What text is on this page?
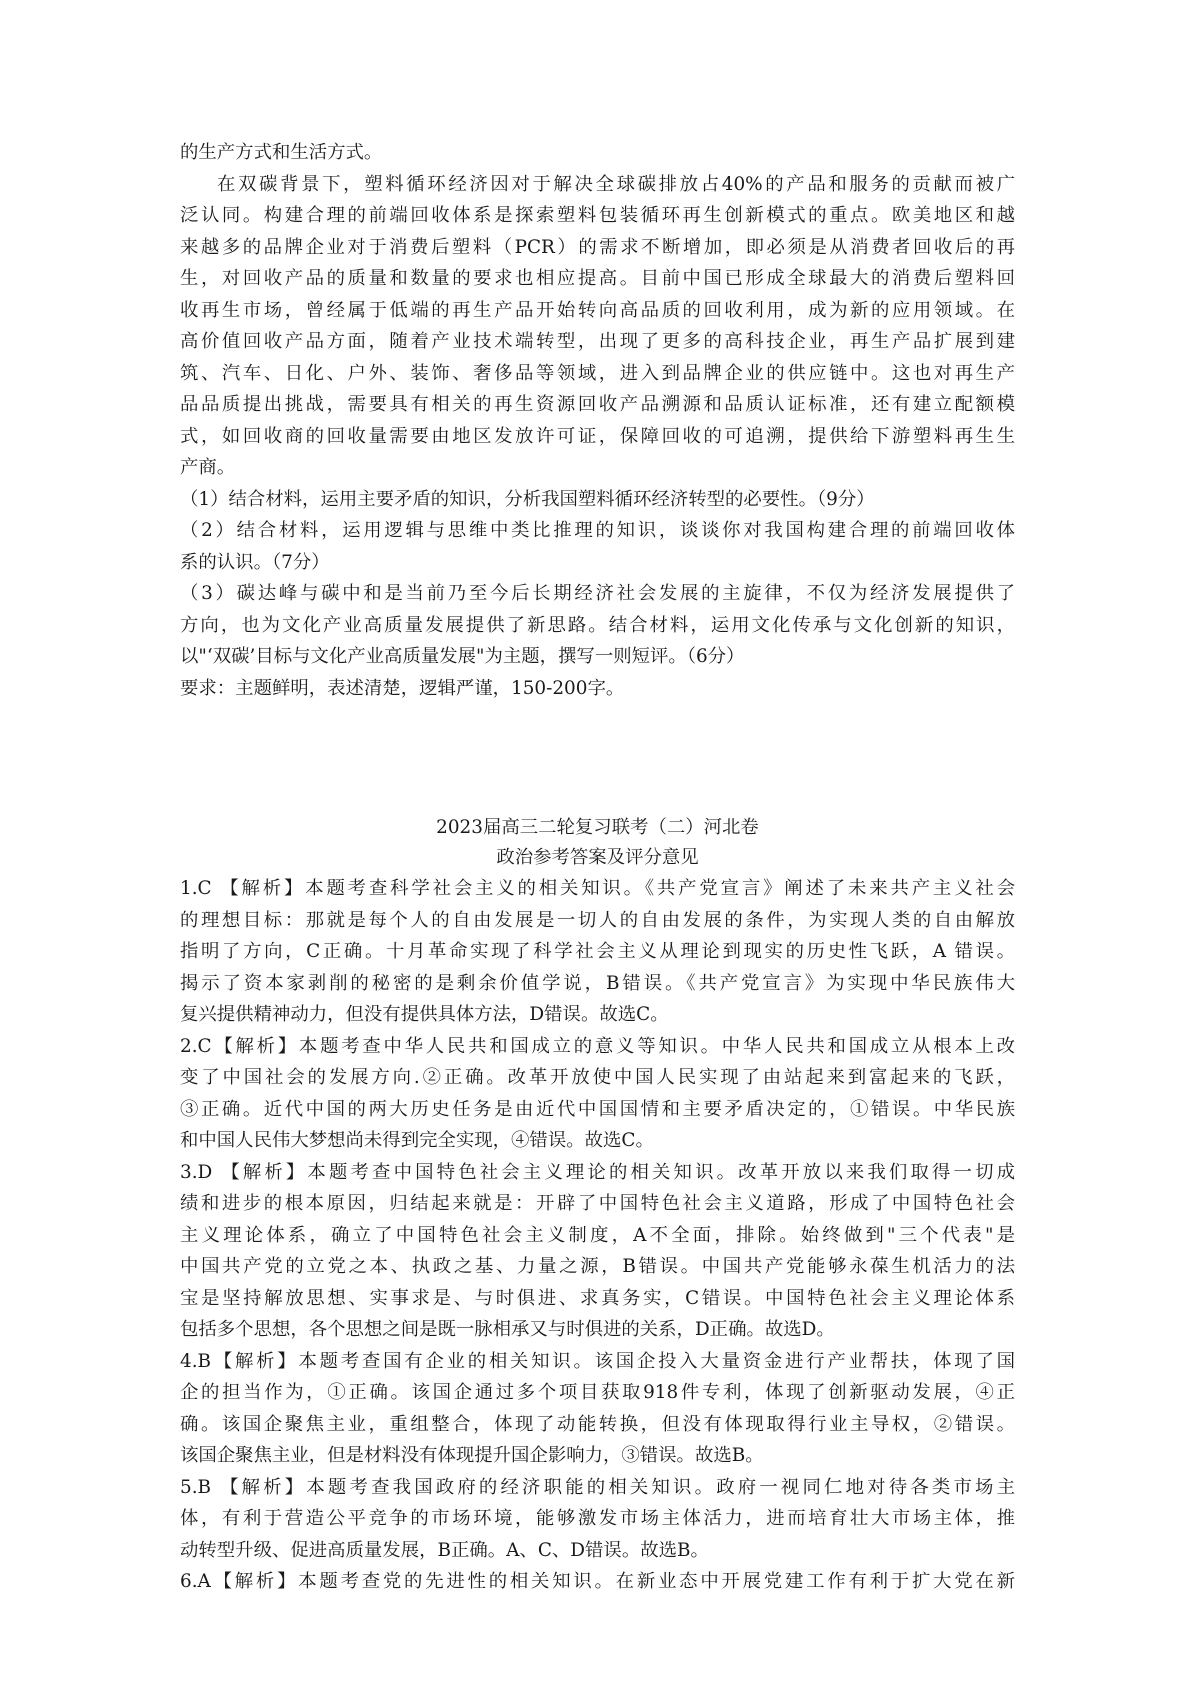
的生产方式和生活方式。

在双碳背景下，塑料循环经济因对于解决全球碳排放占40%的产品和服务的贡献而被广

泛认同。构建合理的前端回收体系是探索塑料包装循环再生创新模式的重点。欧美地区和越

来越多的品牌企业对于消费后塑料（PCR）的需求不断增加，即必须是从消费者回收后的再

生，对回收产品的质量和数量的要求也相应提高。目前中国已形成全球最大的消费后塑料回

收再生市场，曾经属于低端的再生产品开始转向高品质的回收利用，成为新的应用领域。在

高价值回收产品方面，随着产业技术端转型，出现了更多的高科技企业，再生产品扩展到建

筑、汽车、日化、户外、装饰、奢侈品等领域，进入到品牌企业的供应链中。这也对再生产

品品质提出挑战，需要具有相关的再生资源回收产品溯源和品质认证标准，还有建立配额模

式，如回收商的回收量需要由地区发放许可证，保障回收的可追溯，提供给下游塑料再生生

产商。

（1）结合材料，运用主要矛盾的知识，分析我国塑料循环经济转型的必要性。（9分）

（2）结合材料，运用逻辑与思维中类比推理的知识，谈谈你对我国构建合理的前端回收体

系的认识。（7分）

（3）碳达峰与碳中和是当前乃至今后长期经济社会发展的主旋律，不仅为经济发展提供了

方向，也为文化产业高质量发展提供了新思路。结合材料，运用文化传承与文化创新的知识，

以"‘双碳’目标与文化产业高质量发展"为主题，撰写一则短评。（6分）

要求：主题鲜明，表述清楚，逻辑严谨，150-200字。

2023届高三二轮复习联考（二）河北卷

政治参考答案及评分意见

1.C 【解析】本题考查科学社会主义的相关知识。《共产党宣言》阐述了未来共产主义社会

的理想目标：那就是每个人的自由发展是一切人的自由发展的条件，为实现人类的自由解放

指明了方向，C正确。十月革命实现了科学社会主义从理论到现实的历史性飞跃，A 错误。

揭示了资本家剥削的秘密的是剩余价值学说，B错误。《共产党宣言》为实现中华民族伟大

复兴提供精神动力，但没有提供具体方法，D错误。故选C。

2.C【解析】本题考查中华人民共和国成立的意义等知识。中华人民共和国成立从根本上改

变了中国社会的发展方向.②正确。改革开放使中国人民实现了由站起来到富起来的飞跃，

③正确。近代中国的两大历史任务是由近代中国国情和主要矛盾决定的，①错误。中华民族

和中国人民伟大梦想尚未得到完全实现，④错误。故选C。

3.D 【解析】本题考查中国特色社会主义理论的相关知识。改革开放以来我们取得一切成

绩和进步的根本原因，归结起来就是：开辟了中国特色社会主义道路，形成了中国特色社会

主义理论体系，确立了中国特色社会主义制度，A不全面，排除。始终做到"三个代表"是

中国共产党的立党之本、执政之基、力量之源，B错误。中国共产党能够永葆生机活力的法

宝是坚持解放思想、实事求是、与时俱进、求真务实，C错误。中国特色社会主义理论体系

包括多个思想，各个思想之间是既一脉相承又与时俱进的关系，D正确。故选D。

4.B【解析】本题考查国有企业的相关知识。该国企投入大量资金进行产业帮扶，体现了国

企的担当作为，①正确。该国企通过多个项目获取918件专利，体现了创新驱动发展，④正

确。该国企聚焦主业，重组整合，体现了动能转换，但没有体现取得行业主导权，②错误。

该国企聚焦主业，但是材料没有体现提升国企影响力，③错误。故选B。

5.B 【解析】本题考查我国政府的经济职能的相关知识。政府一视同仁地对待各类市场主

体，有利于营造公平竞争的市场环境，能够激发市场主体活力，进而培育壮大市场主体，推

动转型升级、促进高质量发展，B正确。A、C、D错误。故选B。

6.A【解析】本题考查党的先进性的相关知识。在新业态中开展党建工作有利于扩大党在新
